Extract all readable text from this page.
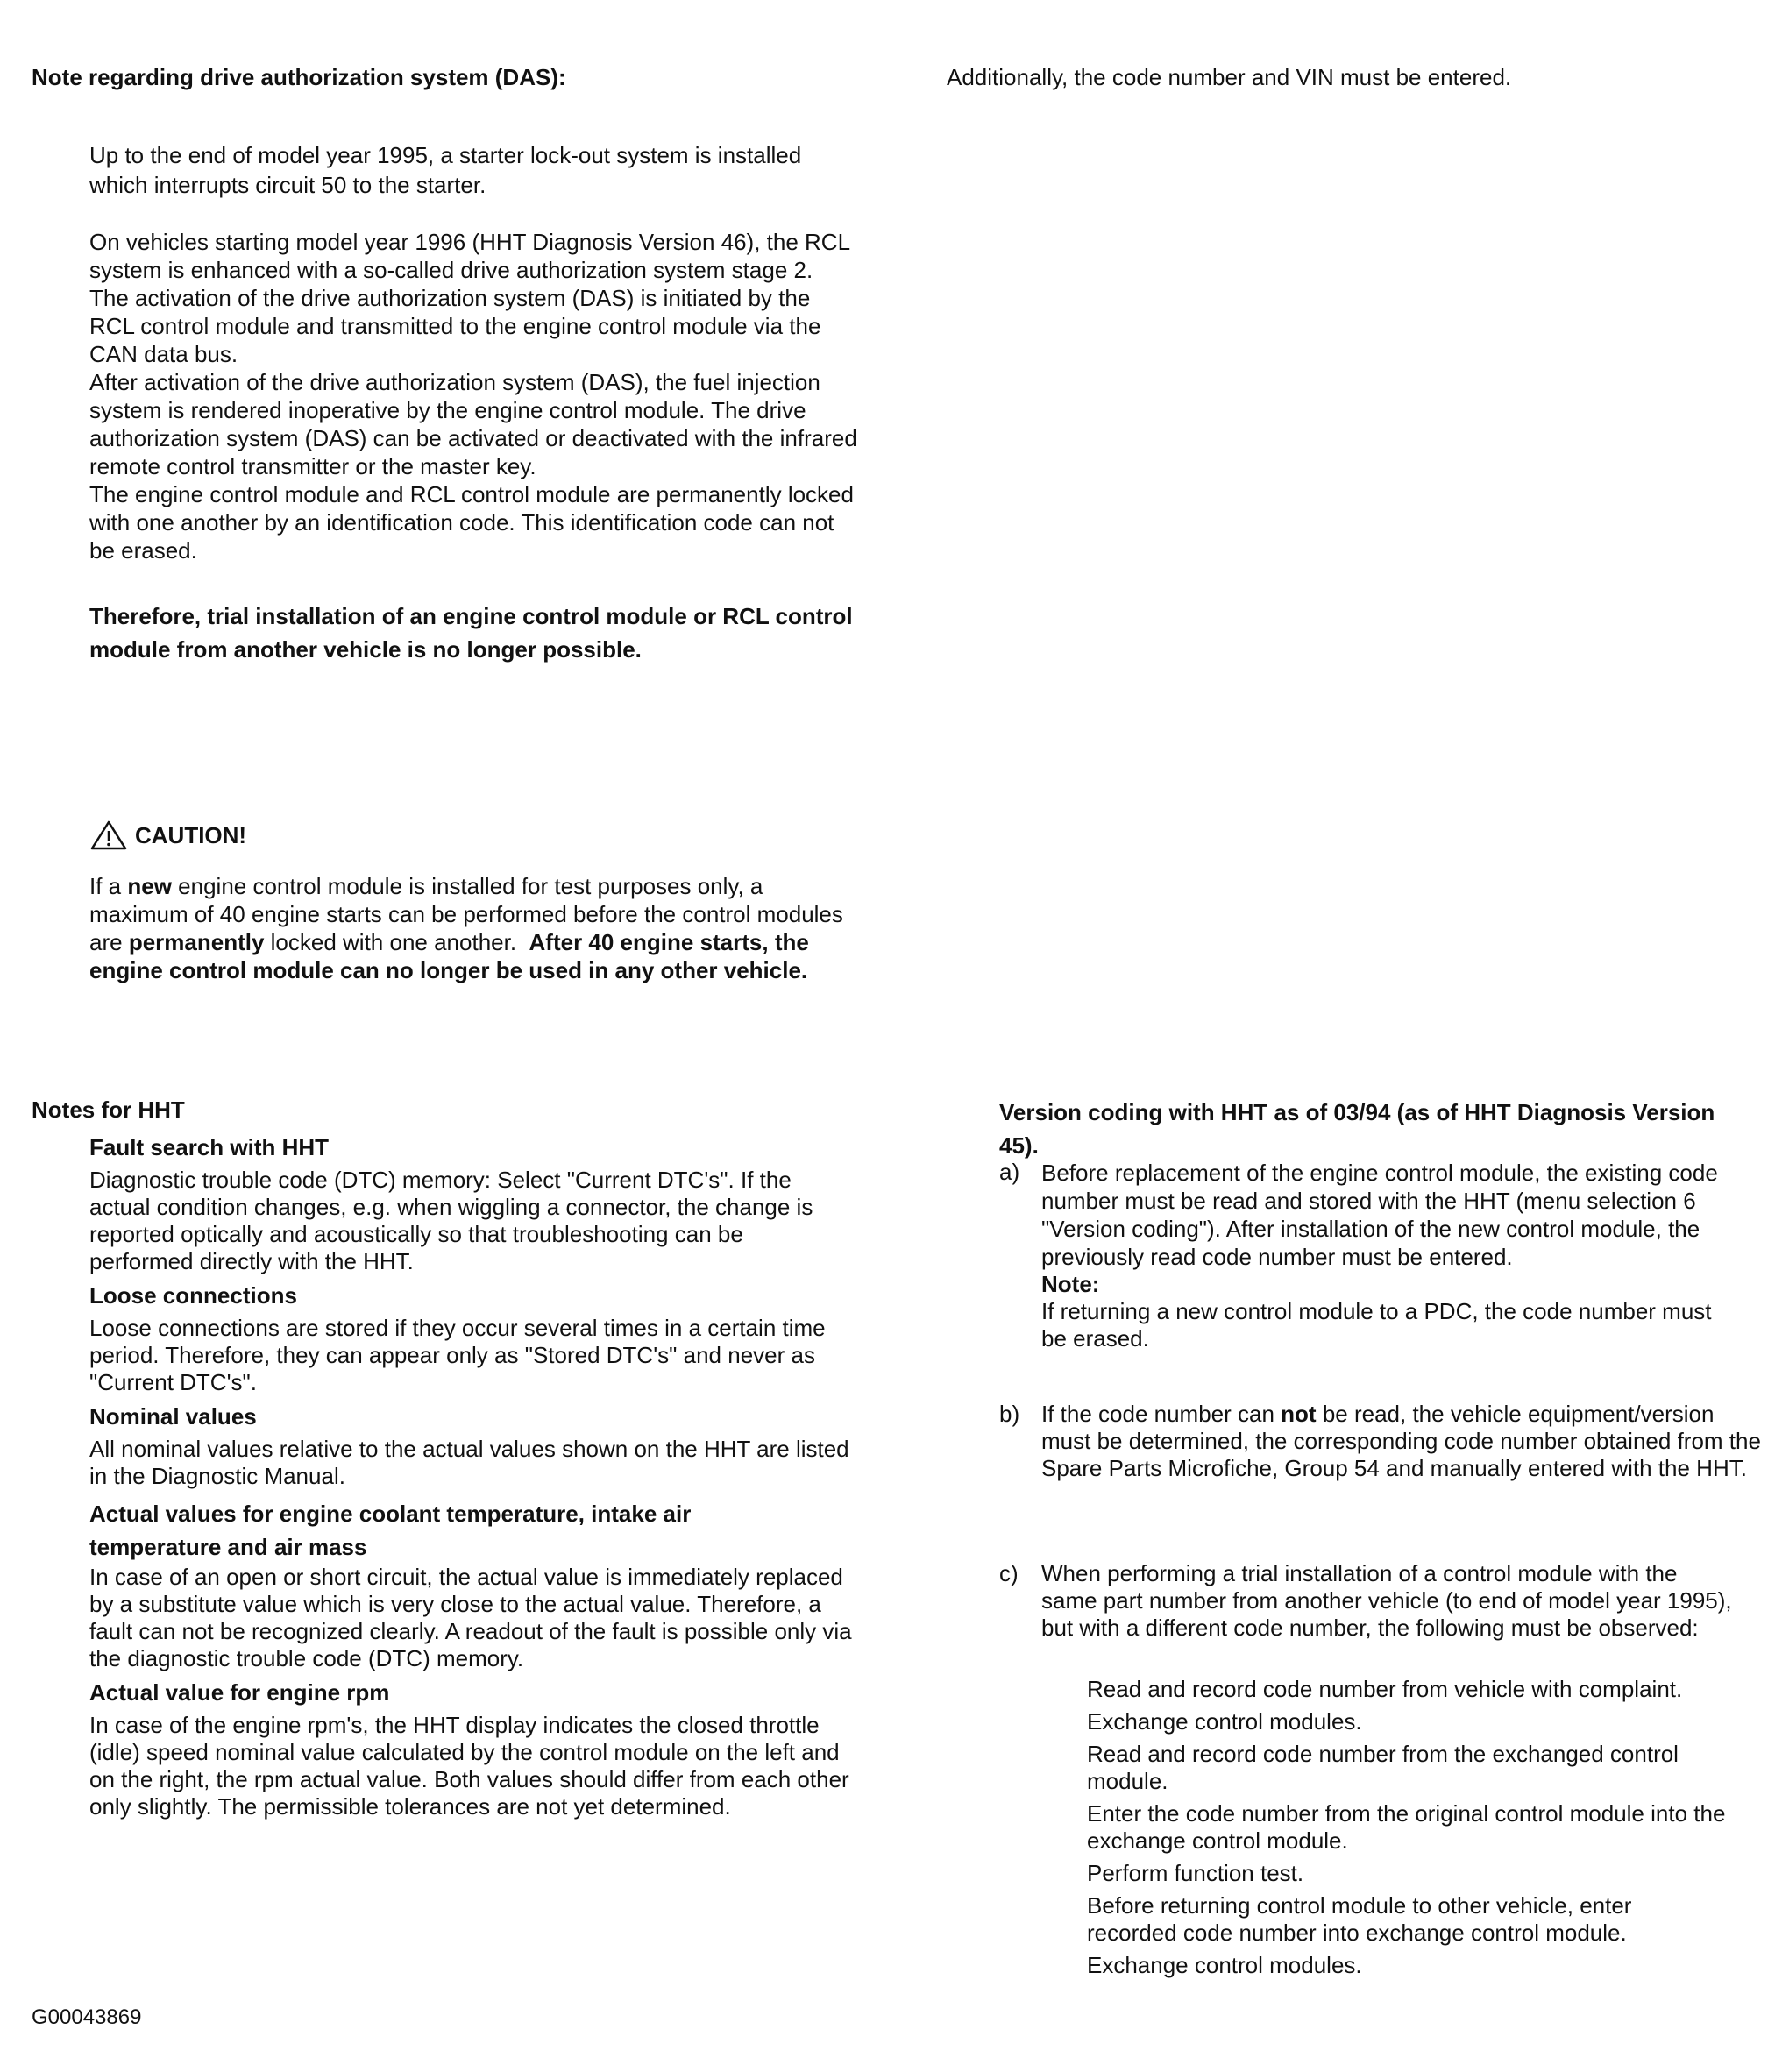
Note regarding drive authorization system (DAS):

Up to the end of model year 1995, a starter lock-out system is installed which interrupts circuit 50 to the starter.

On vehicles starting model year 1996 (HHT Diagnosis Version 46), the RCL system is enhanced with a so-called drive authorization system stage 2.

The activation of the drive authorization system (DAS) is initiated by the RCL control module and transmitted to the engine control module via the CAN data bus.

After activation of the drive authorization system (DAS), the fuel injection system is rendered inoperative by the engine control module. The drive authorization system (DAS) can be activated or deactivated with the infrared remote control transmitter or the master key.

The engine control module and RCL control module are permanently locked with one another by an identification code. This identification code can not be erased.

Therefore, trial installation of an engine control module or RCL control module from another vehicle is no longer possible.

CAUTION!
If a new engine control module is installed for test purposes only, a maximum of 40 engine starts can be performed before the control modules are permanently locked with one another.  After 40 engine starts, the engine control module can no longer be used in any other vehicle.
Additionally, the code number and VIN must be entered.
Notes for HHT

Fault search with HHT

Diagnostic trouble code (DTC) memory: Select "Current DTC's". If the actual condition changes, e.g. when wiggling a connector, the change is reported optically and acoustically so that troubleshooting can be performed directly with the HHT.

Loose connections

Loose connections are stored if they occur several times in a certain time period. Therefore, they can appear only as "Stored DTC's" and never as "Current DTC's".

Nominal values

All nominal values relative to the actual values shown on the HHT are listed in the Diagnostic Manual.

Actual values for engine coolant temperature, intake air temperature and air mass

In case of an open or short circuit, the actual value is immediately replaced by a substitute value which is very close to the actual value. Therefore, a fault can not be recognized clearly. A readout of the fault is possible only via the diagnostic trouble code (DTC) memory.

Actual value for engine rpm

In case of the engine rpm's, the HHT display indicates the closed throttle (idle) speed nominal value calculated by the control module on the left and on the right, the rpm actual value. Both values should differ from each other only slightly. The permissible tolerances are not yet determined.

Version coding with HHT as of 03/94 (as of HHT Diagnosis Version 45).
a) Before replacement of the engine control module, the existing code number must be read and stored with the HHT (menu selection 6 "Version coding"). After installation of the new control module, the previously read code number must be entered.

Note:

If returning a new control module to a PDC, the code number must be erased.

b) If the code number can not be read, the vehicle equipment/version must be determined, the corresponding code number obtained from the Spare Parts Microfiche, Group 54 and manually entered with the HHT.
c) When performing a trial installation of a control module with the same part number from another vehicle (to end of model year 1995), but with a different code number, the following must be observed:

Read and record code number from vehicle with complaint.

Exchange control modules.

Read and record code number from the exchanged control module.

Enter the code number from the original control module into the exchange control module.

Perform function test.

Before returning control module to other vehicle, enter recorded code number into exchange control module.

Exchange control modules.

G00043869
